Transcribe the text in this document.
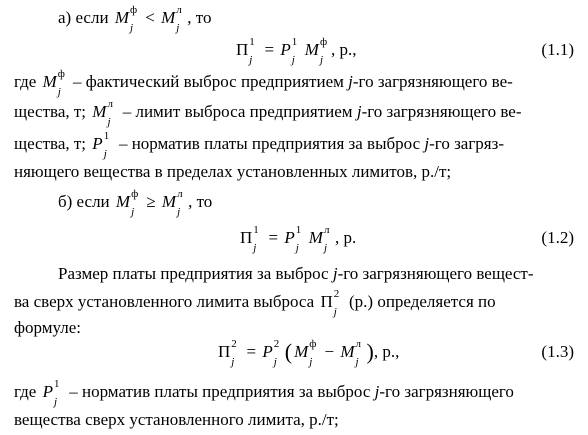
а) если M ф
j
< M л
j
, то
Π 1
j
= P 1
j
M ф
j
, р.,	(1.1)
где M ф
j
– фактический выброс предприятием j-го загрязняющего ве-
щества, т; M л
j
– лимит выброса предприятием j-го загрязняющего ве-
щества, т; P 1
j
– норматив платы предприятия за выброс j-го загряз-
няющего вещества в пределах установленных лимитов, р./т;
б) если M ф
j
≥ M л
j
, то
Π 1
j
= P 1
j
M л
j
, р.	(1.2)
Размер платы предприятия за выброс j-го загрязняющего вещест-
ва сверх установленного лимита выброса Π 2
j
(р.) определяется по
формуле:
Π 2
j
= P 2
j ( M ф
j
− M л
j ), р.,	(1.3)
где P 1
j
– норматив платы предприятия за выброс j-го загрязняющего
вещества сверх установленного лимита, р./т;
